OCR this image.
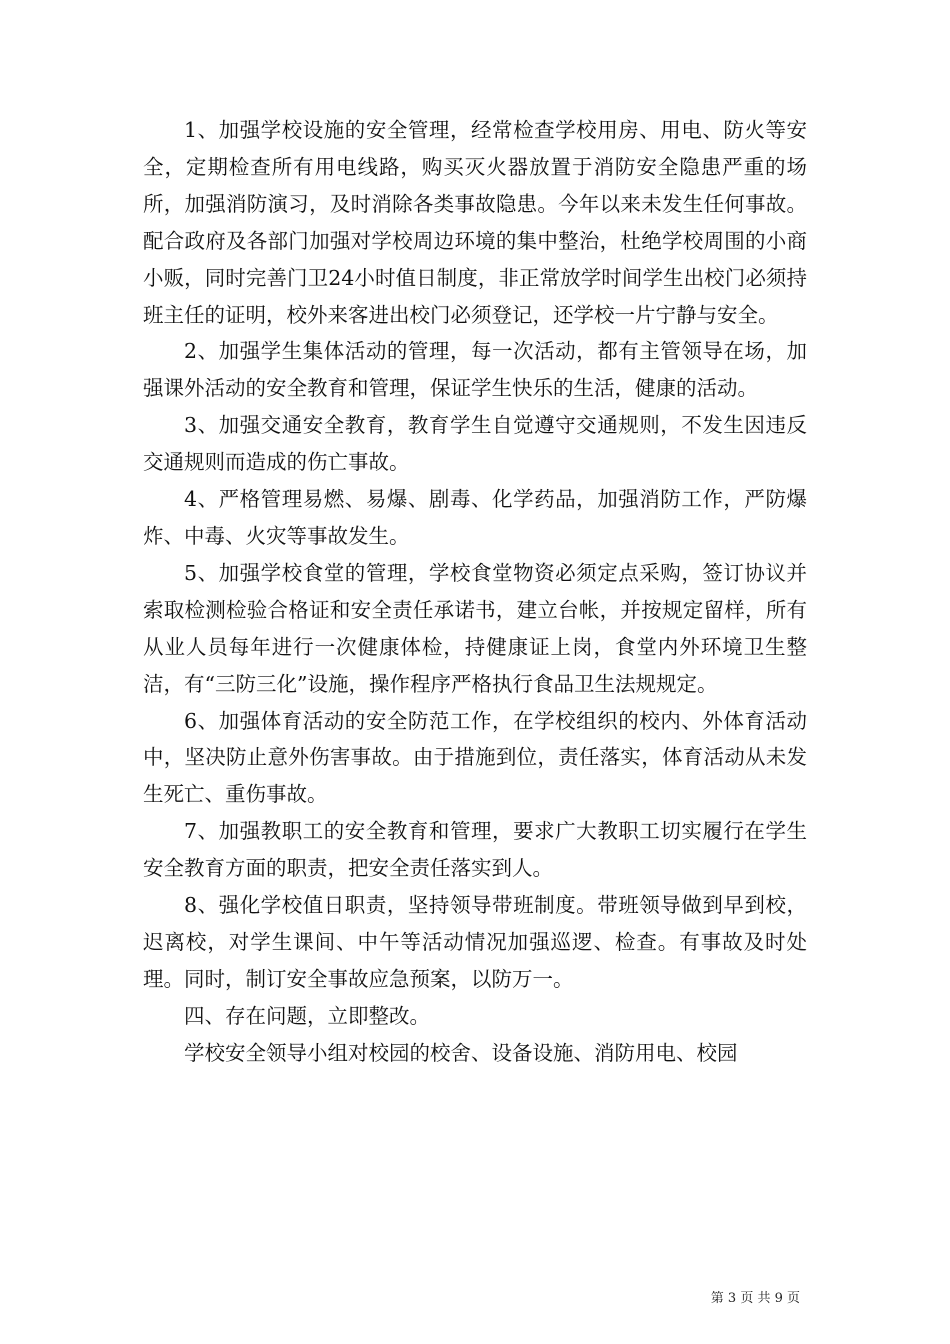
1、加强学校设施的安全管理，经常检查学校用房、用电、防火等安全，定期检查所有用电线路，购买灭火器放置于消防安全隐患严重的场所，加强消防演习，及时消除各类事故隐患。今年以来未发生任何事故。配合政府及各部门加强对学校周边环境的集中整治，杜绝学校周围的小商小贩，同时完善门卫24小时值日制度，非正常放学时间学生出校门必须持班主任的证明，校外来客进出校门必须登记，还学校一片宁静与安全。

2、加强学生集体活动的管理，每一次活动，都有主管领导在场，加强课外活动的安全教育和管理，保证学生快乐的生活，健康的活动。

3、加强交通安全教育，教育学生自觉遵守交通规则，不发生因违反交通规则而造成的伤亡事故。

4、严格管理易燃、易爆、剧毒、化学药品，加强消防工作，严防爆炸、中毒、火灾等事故发生。

5、加强学校食堂的管理，学校食堂物资必须定点采购，签订协议并索取检测检验合格证和安全责任承诺书，建立台帐，并按规定留样，所有从业人员每年进行一次健康体检，持健康证上岗，食堂内外环境卫生整洁，有“三防三化”设施，操作程序严格执行食品卫生法规规定。

6、加强体育活动的安全防范工作，在学校组织的校内、外体育活动中，坚决防止意外伤害事故。由于措施到位，责任落实，体育活动从未发生死亡、重伤事故。

7、加强教职工的安全教育和管理，要求广大教职工切实履行在学生安全教育方面的职责，把安全责任落实到人。

8、强化学校值日职责，坚持领导带班制度。带班领导做到早到校，迟离校，对学生课间、中午等活动情况加强巡逻、检查。有事故及时处理。同时，制订安全事故应急预案，以防万一。

四、存在问题，立即整改。

学校安全领导小组对校园的校舍、设备设施、消防用电、校园

第 3 页 共 9 页
